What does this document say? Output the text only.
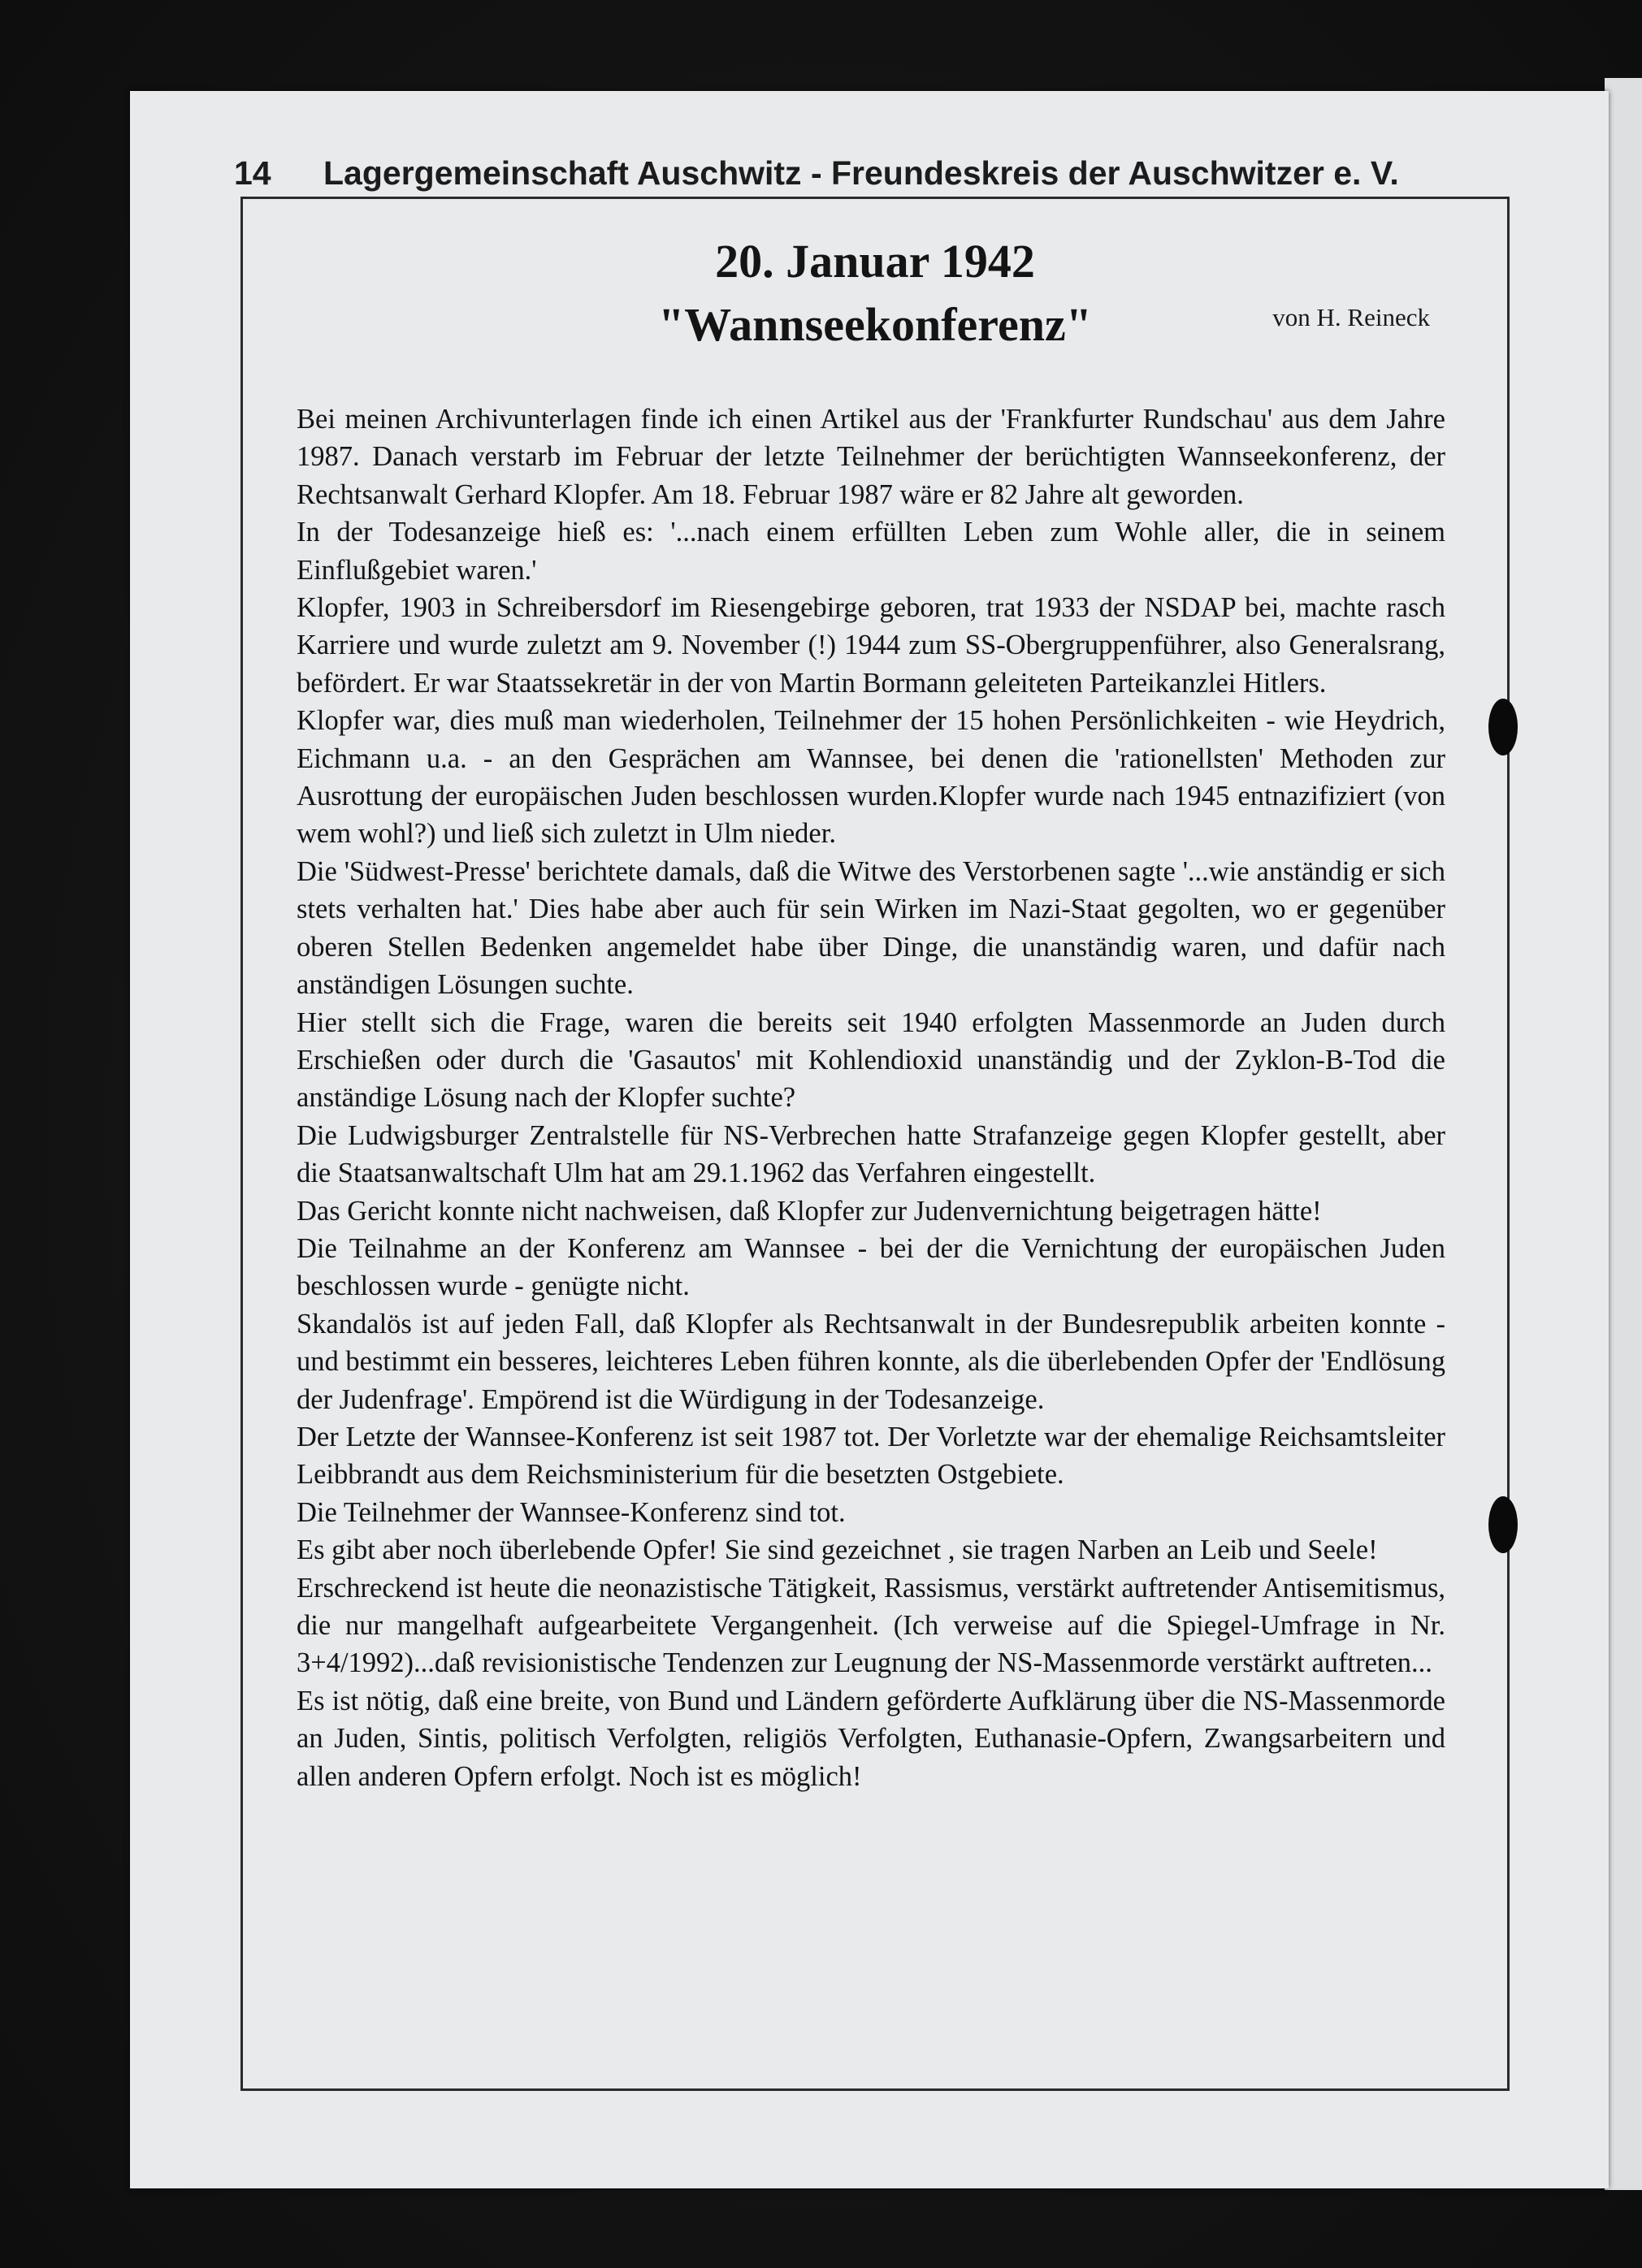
14 Lagergemeinschaft Auschwitz - Freundeskreis der Auschwitzer e. V.
20. Januar 1942
"Wannseekonferenz"	von H. Reineck

Bei meinen Archivunterlagen finde ich einen Artikel aus der 'Frankfurter Rundschau' aus dem Jahre 1987. Danach verstarb im Februar der letzte Teilnehmer der berüchtigten Wannseekonferenz, der Rechtsanwalt Gerhard Klopfer. Am 18. Februar 1987 wäre er 82 Jahre alt geworden.

In der Todesanzeige hieß es: '...nach einem erfüllten Leben zum Wohle aller, die in seinem Einflußgebiet waren.'

Klopfer, 1903 in Schreibersdorf im Riesengebirge geboren, trat 1933 der NSDAP bei, machte rasch Karriere und wurde zuletzt am 9. November (!) 1944 zum SS-Obergruppenführer, also Generalsrang, befördert. Er war Staatssekretär in der von Martin Bormann geleiteten Parteikanzlei Hitlers.

Klopfer war, dies muß man wiederholen, Teilnehmer der 15 hohen Persönlichkeiten - wie Heydrich, Eichmann u.a. - an den Gesprächen am Wannsee, bei denen die 'rationellsten' Methoden zur Ausrottung der europäischen Juden beschlossen wurden.Klopfer wurde nach 1945 entnazifiziert (von wem wohl?) und ließ sich zuletzt in Ulm nieder.

Die 'Südwest-Presse' berichtete damals, daß die Witwe des Verstorbenen sagte '...wie anständig er sich stets verhalten hat.' Dies habe aber auch für sein Wirken im Nazi-Staat gegolten, wo er gegenüber oberen Stellen Bedenken angemeldet habe über Dinge, die unanständig waren, und dafür nach anständigen Lösungen suchte.

Hier stellt sich die Frage, waren die bereits seit 1940 erfolgten Massenmorde an Juden durch Erschießen oder durch die 'Gasautos' mit Kohlendioxid unanständig und der Zyklon-B-Tod die anständige Lösung nach der Klopfer suchte?

Die Ludwigsburger Zentralstelle für NS-Verbrechen hatte Strafanzeige gegen Klopfer gestellt, aber die Staatsanwaltschaft Ulm hat am 29.1.1962 das Verfahren eingestellt.

Das Gericht konnte nicht nachweisen, daß Klopfer zur Judenvernichtung beigetragen hätte!

Die Teilnahme an der Konferenz am Wannsee - bei der die Vernichtung der europäischen Juden beschlossen wurde - genügte nicht.

Skandalös ist auf jeden Fall, daß Klopfer als Rechtsanwalt in der Bundesrepublik arbeiten konnte - und bestimmt ein besseres, leichteres Leben führen konnte, als die überlebenden Opfer der 'Endlösung der Judenfrage'. Empörend ist die Würdigung in der Todesanzeige.

Der Letzte der Wannsee-Konferenz ist seit 1987 tot. Der Vorletzte war der ehemalige Reichsamtsleiter Leibbrandt aus dem Reichsministerium für die besetzten Ostgebiete.

Die Teilnehmer der Wannsee-Konferenz sind tot.

Es gibt aber noch überlebende Opfer! Sie sind gezeichnet , sie tragen Narben an Leib und Seele!

Erschreckend ist heute die neonazistische Tätigkeit, Rassismus, verstärkt auftretender Antisemitismus, die nur mangelhaft aufgearbeitete Vergangenheit. (Ich verweise auf die Spiegel-Umfrage in Nr. 3+4/1992)...daß revisionistische Tendenzen zur Leugnung der NS-Massenmorde verstärkt auftreten...

Es ist nötig, daß eine breite, von Bund und Ländern geförderte Aufklärung über die NS-Massenmorde an Juden, Sintis, politisch Verfolgten, religiös Verfolgten, Euthanasie-Opfern, Zwangsarbeitern und allen anderen Opfern erfolgt. Noch ist es möglich!
